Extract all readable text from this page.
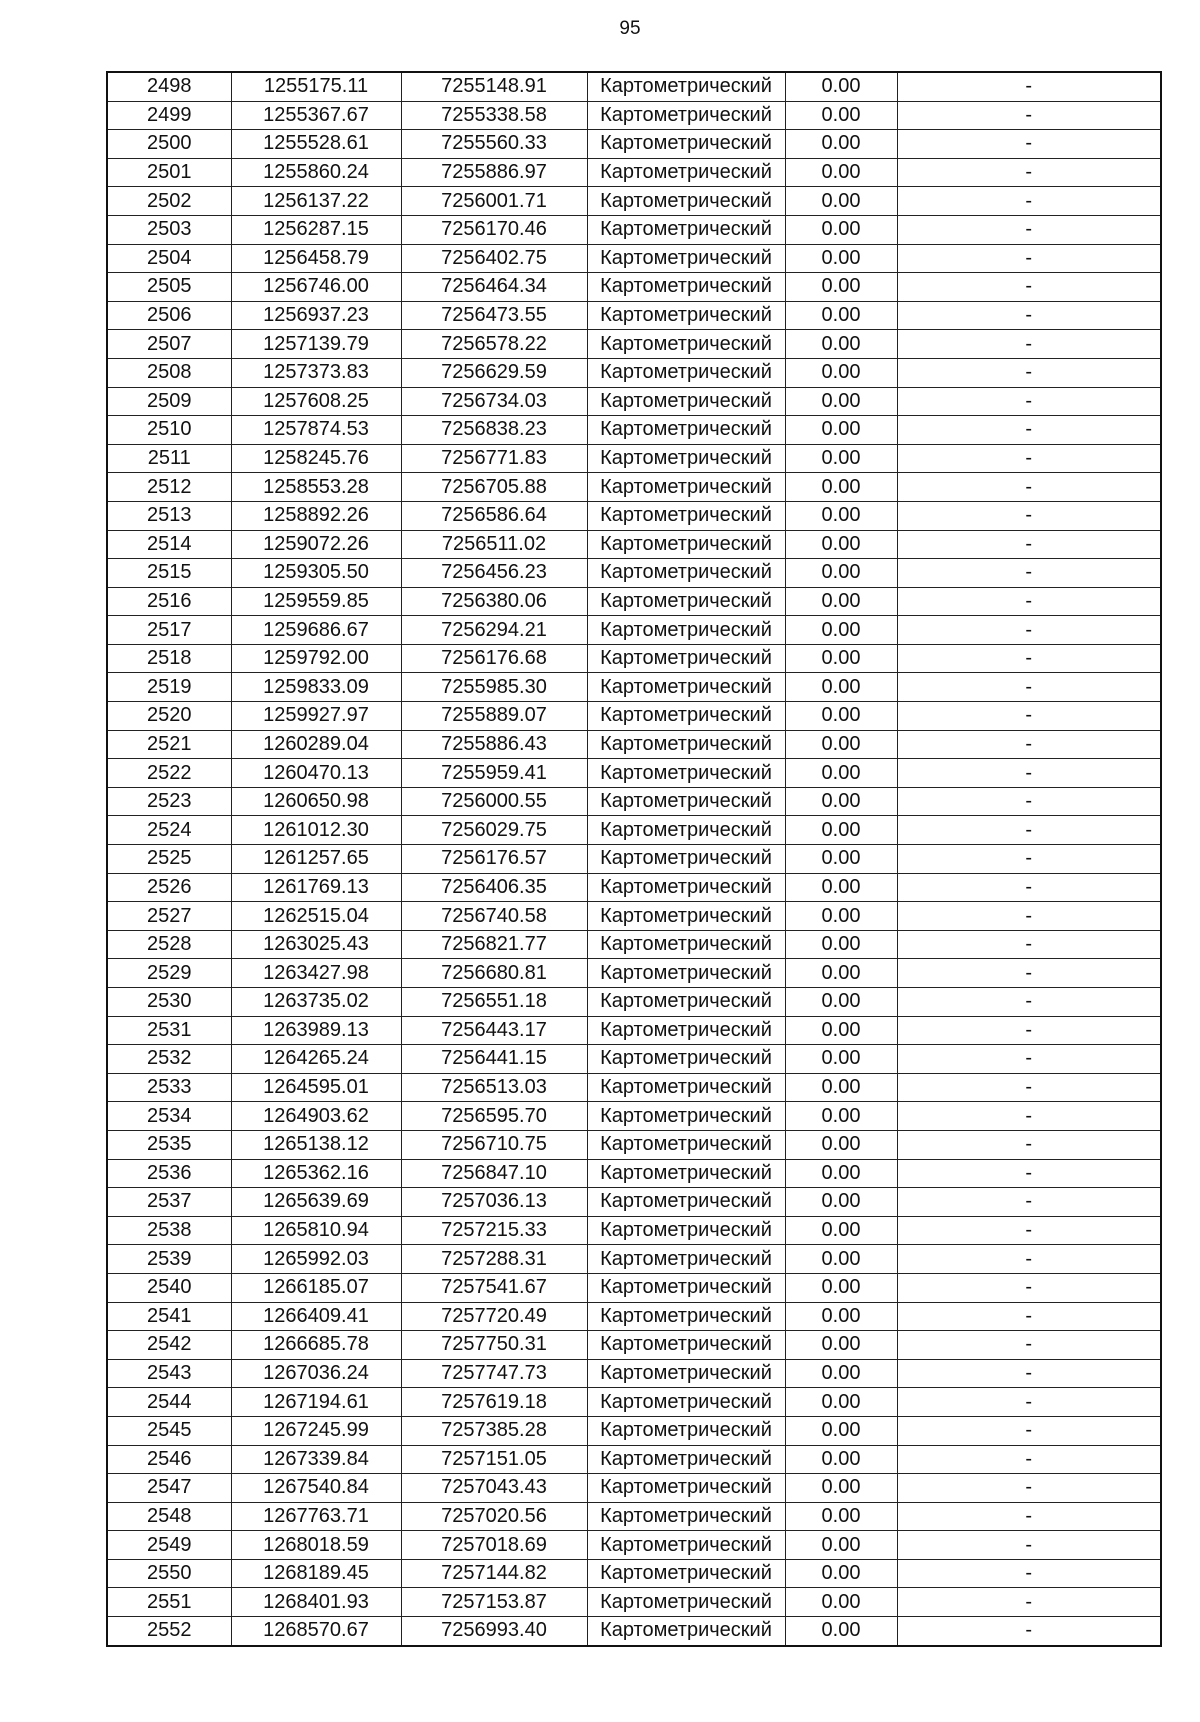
95
2498	1255175.11	7255148.91	Картометрический	0.00	-
2499	1255367.67	7255338.58	Картометрический	0.00	-
2500	1255528.61	7255560.33	Картометрический	0.00	-
2501	1255860.24	7255886.97	Картометрический	0.00	-
2502	1256137.22	7256001.71	Картометрический	0.00	-
2503	1256287.15	7256170.46	Картометрический	0.00	-
2504	1256458.79	7256402.75	Картометрический	0.00	-
2505	1256746.00	7256464.34	Картометрический	0.00	-
2506	1256937.23	7256473.55	Картометрический	0.00	-
2507	1257139.79	7256578.22	Картометрический	0.00	-
2508	1257373.83	7256629.59	Картометрический	0.00	-
2509	1257608.25	7256734.03	Картометрический	0.00	-
2510	1257874.53	7256838.23	Картометрический	0.00	-
2511	1258245.76	7256771.83	Картометрический	0.00	-
2512	1258553.28	7256705.88	Картометрический	0.00	-
2513	1258892.26	7256586.64	Картометрический	0.00	-
2514	1259072.26	7256511.02	Картометрический	0.00	-
2515	1259305.50	7256456.23	Картометрический	0.00	-
2516	1259559.85	7256380.06	Картометрический	0.00	-
2517	1259686.67	7256294.21	Картометрический	0.00	-
2518	1259792.00	7256176.68	Картометрический	0.00	-
2519	1259833.09	7255985.30	Картометрический	0.00	-
2520	1259927.97	7255889.07	Картометрический	0.00	-
2521	1260289.04	7255886.43	Картометрический	0.00	-
2522	1260470.13	7255959.41	Картометрический	0.00	-
2523	1260650.98	7256000.55	Картометрический	0.00	-
2524	1261012.30	7256029.75	Картометрический	0.00	-
2525	1261257.65	7256176.57	Картометрический	0.00	-
2526	1261769.13	7256406.35	Картометрический	0.00	-
2527	1262515.04	7256740.58	Картометрический	0.00	-
2528	1263025.43	7256821.77	Картометрический	0.00	-
2529	1263427.98	7256680.81	Картометрический	0.00	-
2530	1263735.02	7256551.18	Картометрический	0.00	-
2531	1263989.13	7256443.17	Картометрический	0.00	-
2532	1264265.24	7256441.15	Картометрический	0.00	-
2533	1264595.01	7256513.03	Картометрический	0.00	-
2534	1264903.62	7256595.70	Картометрический	0.00	-
2535	1265138.12	7256710.75	Картометрический	0.00	-
2536	1265362.16	7256847.10	Картометрический	0.00	-
2537	1265639.69	7257036.13	Картометрический	0.00	-
2538	1265810.94	7257215.33	Картометрический	0.00	-
2539	1265992.03	7257288.31	Картометрический	0.00	-
2540	1266185.07	7257541.67	Картометрический	0.00	-
2541	1266409.41	7257720.49	Картометрический	0.00	-
2542	1266685.78	7257750.31	Картометрический	0.00	-
2543	1267036.24	7257747.73	Картометрический	0.00	-
2544	1267194.61	7257619.18	Картометрический	0.00	-
2545	1267245.99	7257385.28	Картометрический	0.00	-
2546	1267339.84	7257151.05	Картометрический	0.00	-
2547	1267540.84	7257043.43	Картометрический	0.00	-
2548	1267763.71	7257020.56	Картометрический	0.00	-
2549	1268018.59	7257018.69	Картометрический	0.00	-
2550	1268189.45	7257144.82	Картометрический	0.00	-
2551	1268401.93	7257153.87	Картометрический	0.00	-
2552	1268570.67	7256993.40	Картометрический	0.00	-
